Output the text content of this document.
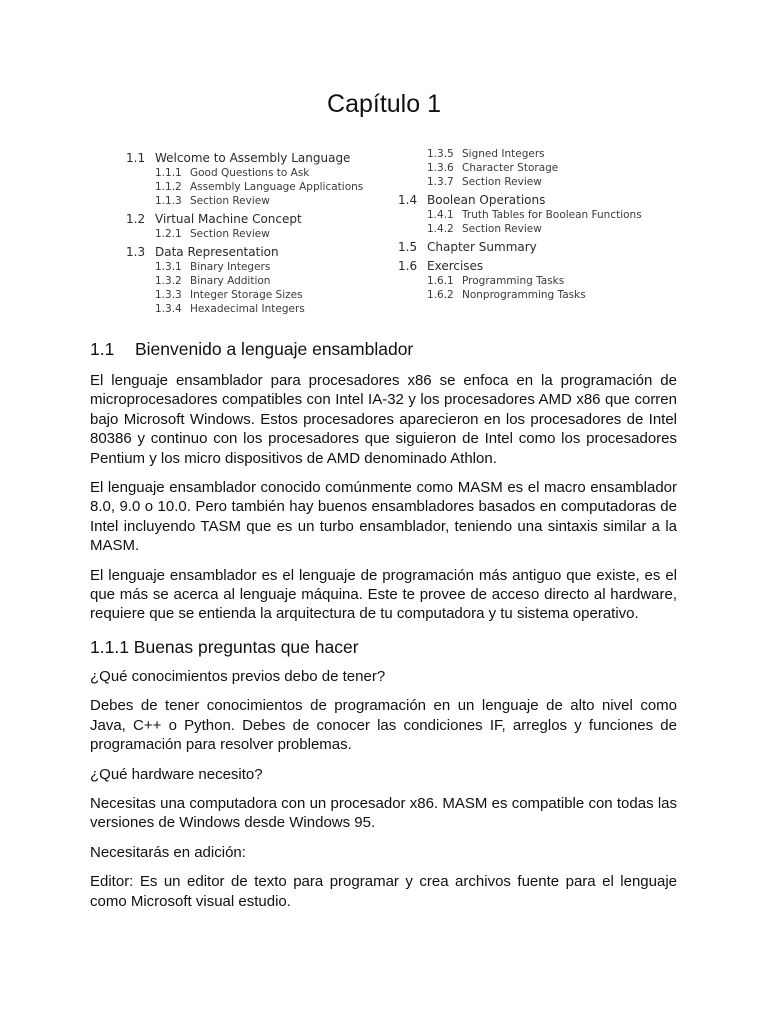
Capítulo 1
1.1 Welcome to Assembly Language
1.1.1 Good Questions to Ask
1.1.2 Assembly Language Applications
1.1.3 Section Review
1.2 Virtual Machine Concept
1.2.1 Section Review
1.3 Data Representation
1.3.1 Binary Integers
1.3.2 Binary Addition
1.3.3 Integer Storage Sizes
1.3.4 Hexadecimal Integers
1.3.5 Signed Integers
1.3.6 Character Storage
1.3.7 Section Review
1.4 Boolean Operations
1.4.1 Truth Tables for Boolean Functions
1.4.2 Section Review
1.5 Chapter Summary
1.6 Exercises
1.6.1 Programming Tasks
1.6.2 Nonprogramming Tasks
1.1 Bienvenido a lenguaje ensamblador

El lenguaje ensamblador para procesadores x86 se enfoca en la programación de microprocesadores compatibles con Intel IA-32 y los procesadores AMD x86 que corren bajo Microsoft Windows. Estos procesadores aparecieron en los procesadores de Intel 80386 y continuo con los procesadores que siguieron de Intel como los procesadores Pentium y los micro dispositivos de AMD denominado Athlon.

El lenguaje ensamblador conocido comúnmente como MASM es el macro ensamblador 8.0, 9.0 o 10.0. Pero también hay buenos ensambladores basados en computadoras de Intel incluyendo TASM que es un turbo ensamblador, teniendo una sintaxis similar a la MASM.

El lenguaje ensamblador es el lenguaje de programación más antiguo que existe, es el que más se acerca al lenguaje máquina. Este te provee de acceso directo al hardware, requiere que se entienda la arquitectura de tu computadora y tu sistema operativo.

1.1.1 Buenas preguntas que hacer

¿Qué conocimientos previos debo de tener?

Debes de tener conocimientos de programación en un lenguaje de alto nivel como Java, C++ o Python. Debes de conocer las condiciones IF, arreglos y funciones de programación para resolver problemas.

¿Qué hardware necesito?

Necesitas una computadora con un procesador x86. MASM es compatible con todas las versiones de Windows desde Windows 95.

Necesitarás en adición:

Editor: Es un editor de texto para programar y crea archivos fuente para el lenguaje como Microsoft visual estudio.
